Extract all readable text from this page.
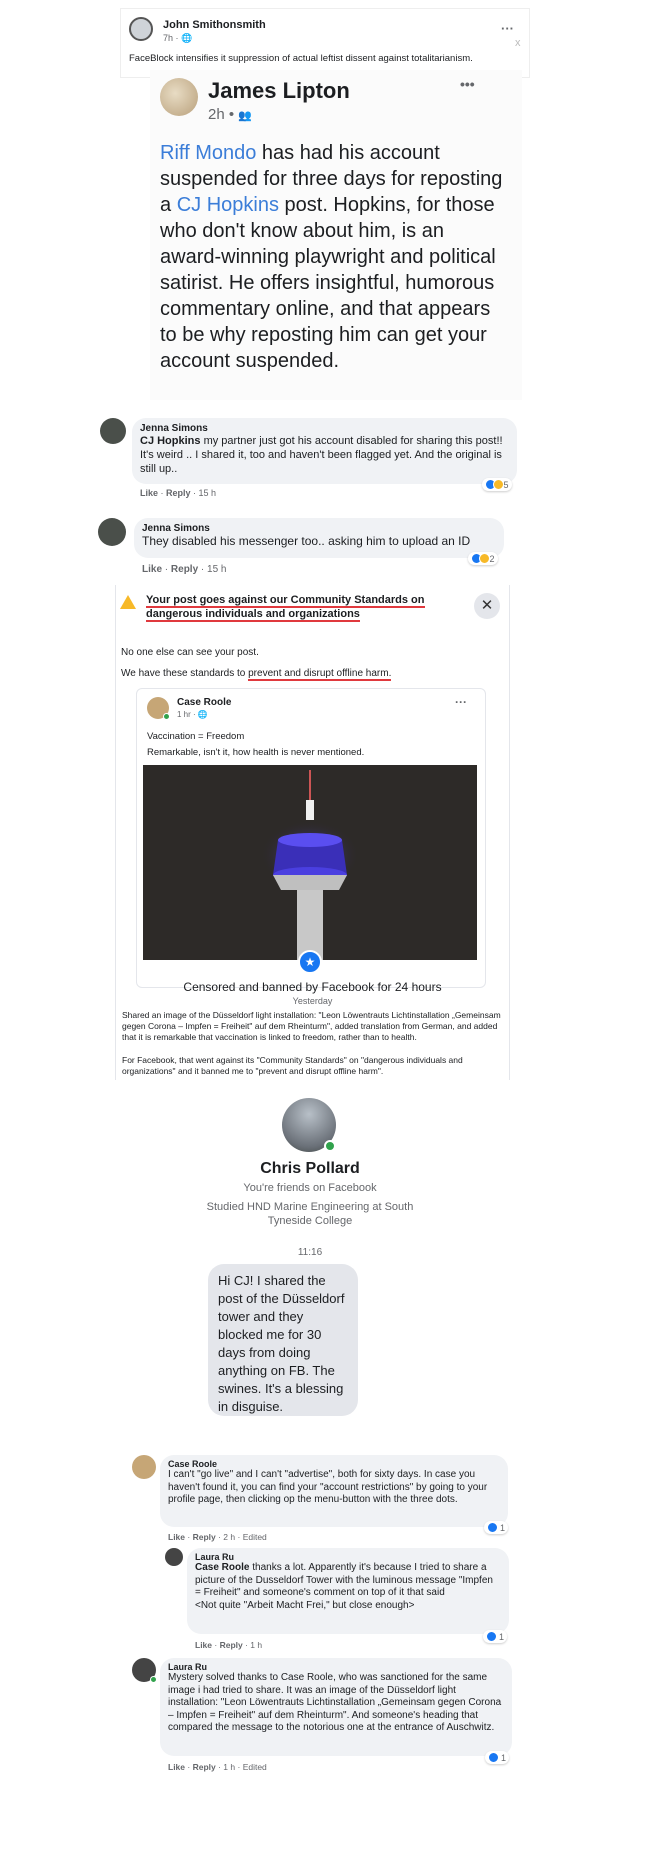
John Smithonsmith
7h · 🌐
···
x
FaceBlock intensifies it suppression of actual leftist dissent against totalitarianism.
James Lipton
2h • 👥
•••
Riff Mondo has had his account suspended for three days for reposting a CJ Hopkins post. Hopkins, for those who don't know about him, is an award-winning playwright and political satirist. He offers insightful, humorous commentary online, and that appears to be why reposting him can get your account suspended.
Jenna Simons
CJ Hopkins my partner just got his account disabled for sharing this post!! It's weird .. I shared it, too and haven't been flagged yet. And the original is still up..
Like · Reply · 15 h

5
Jenna Simons
They disabled his messenger too.. asking him to upload an ID
Like · Reply · 15 h

2
Your post goes against our Community Standards on dangerous individuals and organizations	✕
No one else can see your post.
We have these standards to prevent and disrupt offline harm.
Case Roole
1 hr · 🌐
···
Vaccination = Freedom
Remarkable, isn't it, how health is never mentioned.
★
Censored and banned by Facebook for 24 hours
Yesterday
Shared an image of the Düsseldorf light installation: "Leon Löwentrauts Lichtinstallation „Gemeinsam gegen Corona – Impfen = Freiheit" auf dem Rheinturm", added translation from German, and added that it is remarkable that vaccination is linked to freedom, rather than to health.
For Facebook, that went against its "Community Standards" on "dangerous individuals and organizations" and it banned me to "prevent and disrupt offline harm".
Chris Pollard
You're friends on Facebook
Studied HND Marine Engineering at South Tyneside College
11:16
Hi CJ! I shared the post of the Düsseldorf tower and they blocked me for 30 days from doing anything on FB. The swines. It's a blessing in disguise.
Case Roole
I can't "go live" and I can't "advertise", both for sixty days. In case you haven't found it, you can find your "account restrictions" by going to your profile page, then clicking op the menu-button with the three dots.
Like · Reply · 2 h · Edited

1
Laura Ru
Case Roole thanks a lot. Apparently it's because I tried to share a picture of the Dusseldorf Tower with the luminous message "Impfen = Freiheit" and someone's comment on top of it that said
<Not quite "Arbeit Macht Frei," but close enough>
Like · Reply · 1 h

1
Laura Ru
Mystery solved thanks to Case Roole, who was sanctioned for the same image i had tried to share. It was an image of the Düsseldorf light installation: "Leon Löwentrauts Lichtinstallation „Gemeinsam gegen Corona – Impfen = Freiheit" auf dem Rheinturm". And someone's heading that compared the message to the notorious one at the entrance of Auschwitz.
Like · Reply · 1 h · Edited

1
